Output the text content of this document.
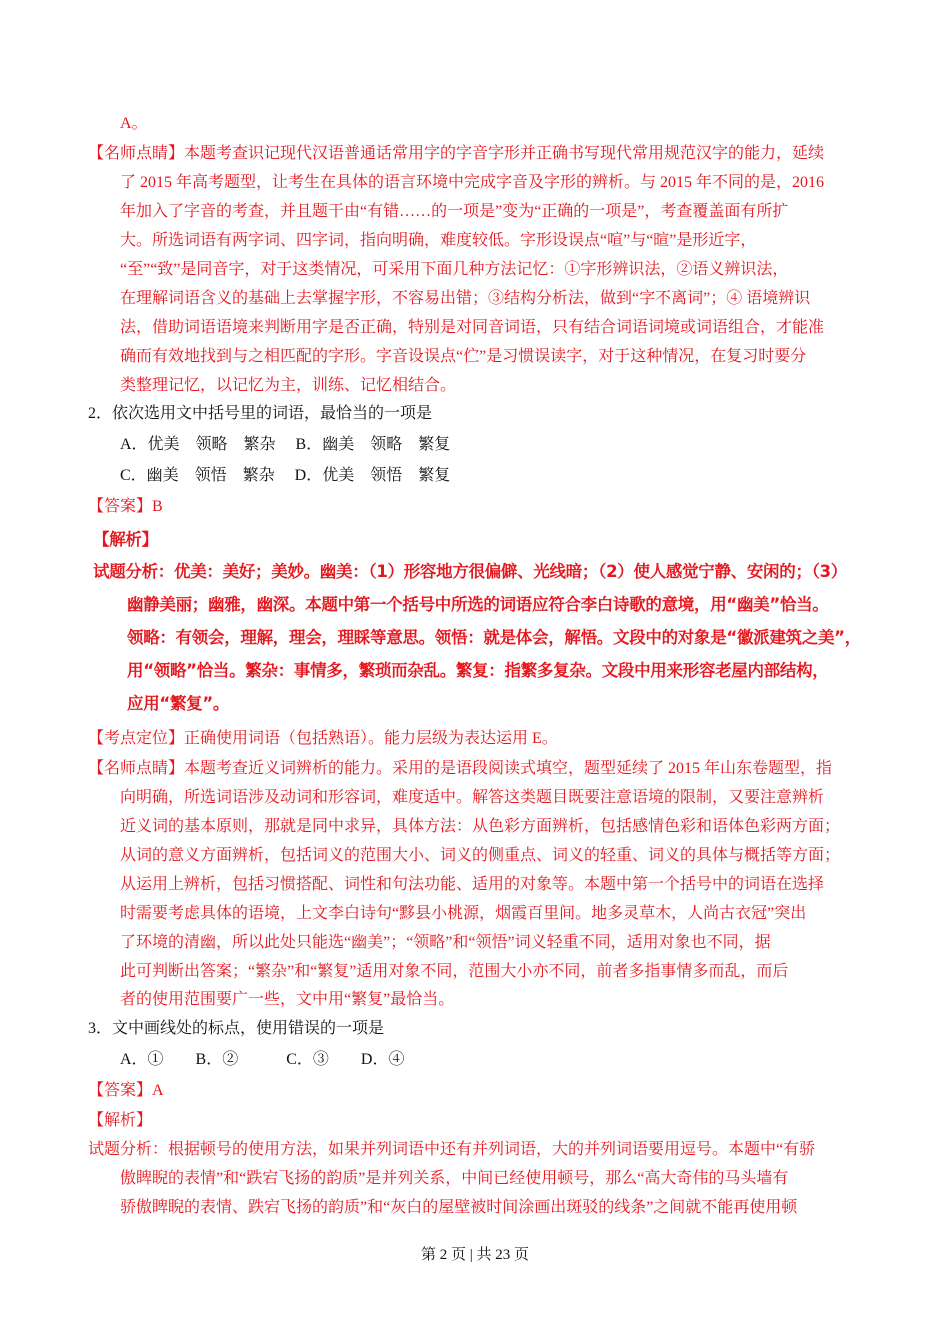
A。
【名师点睛】本题考查识记现代汉语普通话常用字的字音字形并正确书写现代常用规范汉字的能力，延续
了 2015 年高考题型，让考生在具体的语言环境中完成字音及字形的辨析。与 2015 年不同的是，2016
年加入了字音的考查，并且题干由“有错……的一项是”变为“正确的一项是”，考查覆盖面有所扩
大。所选词语有两字词、四字词，指向明确，难度较低。字形设误点“喧”与“暄”是形近字，
“至”“致”是同音字，对于这类情况，可采用下面几种方法记忆：①字形辨识法，②语义辨识法，
在理解词语含义的基础上去掌握字形，不容易出错；③结构分析法，做到“字不离词”；④ 语境辨识
法，借助词语语境来判断用字是否正确，特别是对同音词语，只有结合词语词境或词语组合，才能准
确而有效地找到与之相匹配的字形。字音设误点“伫”是习惯误读字，对于这种情况，在复习时要分
类整理记忆，以记忆为主，训练、记忆相结合。
2．依次选用文中括号里的词语，最恰当的一项是
A．优美　领略　繁杂　 B．幽美　领略　繁复
C．幽美　领悟　繁杂　 D．优美　领悟　繁复
【答案】B
【解析】
试题分析：优美：美好；美妙。幽美：（1）形容地方很偏僻、光线暗；（2）使人感觉宁静、安闲的；（3）
幽静美丽；幽雅，幽深。本题中第一个括号中所选的词语应符合李白诗歌的意境，用“幽美”恰当。
领略：有领会，理解，理会，理睬等意思。领悟：就是体会，解悟。文段中的对象是“徽派建筑之美”，
用“领略”恰当。繁杂：事情多，繁琐而杂乱。繁复：指繁多复杂。文段中用来形容老屋内部结构，
应用“繁复”。
【考点定位】正确使用词语（包括熟语）。能力层级为表达运用 E。
【名师点睛】本题考查近义词辨析的能力。采用的是语段阅读式填空，题型延续了 2015 年山东卷题型，指
向明确，所选词语涉及动词和形容词，难度适中。解答这类题目既要注意语境的限制，又要注意辨析
近义词的基本原则，那就是同中求异，具体方法：从色彩方面辨析，包括感情色彩和语体色彩两方面；
从词的意义方面辨析，包括词义的范围大小、词义的侧重点、词义的轻重、词义的具体与概括等方面；
从运用上辨析，包括习惯搭配、词性和句法功能、适用的对象等。本题中第一个括号中的词语在选择
时需要考虑具体的语境，上文李白诗句“黟县小桃源，烟霞百里间。地多灵草木，人尚古衣冠”突出
了环境的清幽，所以此处只能选“幽美”；“领略”和“领悟”词义轻重不同，适用对象也不同，据
此可判断出答案；“繁杂”和“繁复”适用对象不同，范围大小亦不同，前者多指事情多而乱，而后
者的使用范围要广一些，文中用“繁复”最恰当。
3．文中画线处的标点，使用错误的一项是
A．①　　B．②　　　C．③　　D．④
【答案】A
【解析】
试题分析：根据顿号的使用方法，如果并列词语中还有并列词语，大的并列词语要用逗号。本题中“有骄
傲睥睨的表情”和“跌宕飞扬的韵质”是并列关系，中间已经使用顿号，那么“高大奇伟的马头墙有
骄傲睥睨的表情、跌宕飞扬的韵质”和“灰白的屋壁被时间涂画出斑驳的线条”之间就不能再使用顿
第 2 页 | 共 23 页
